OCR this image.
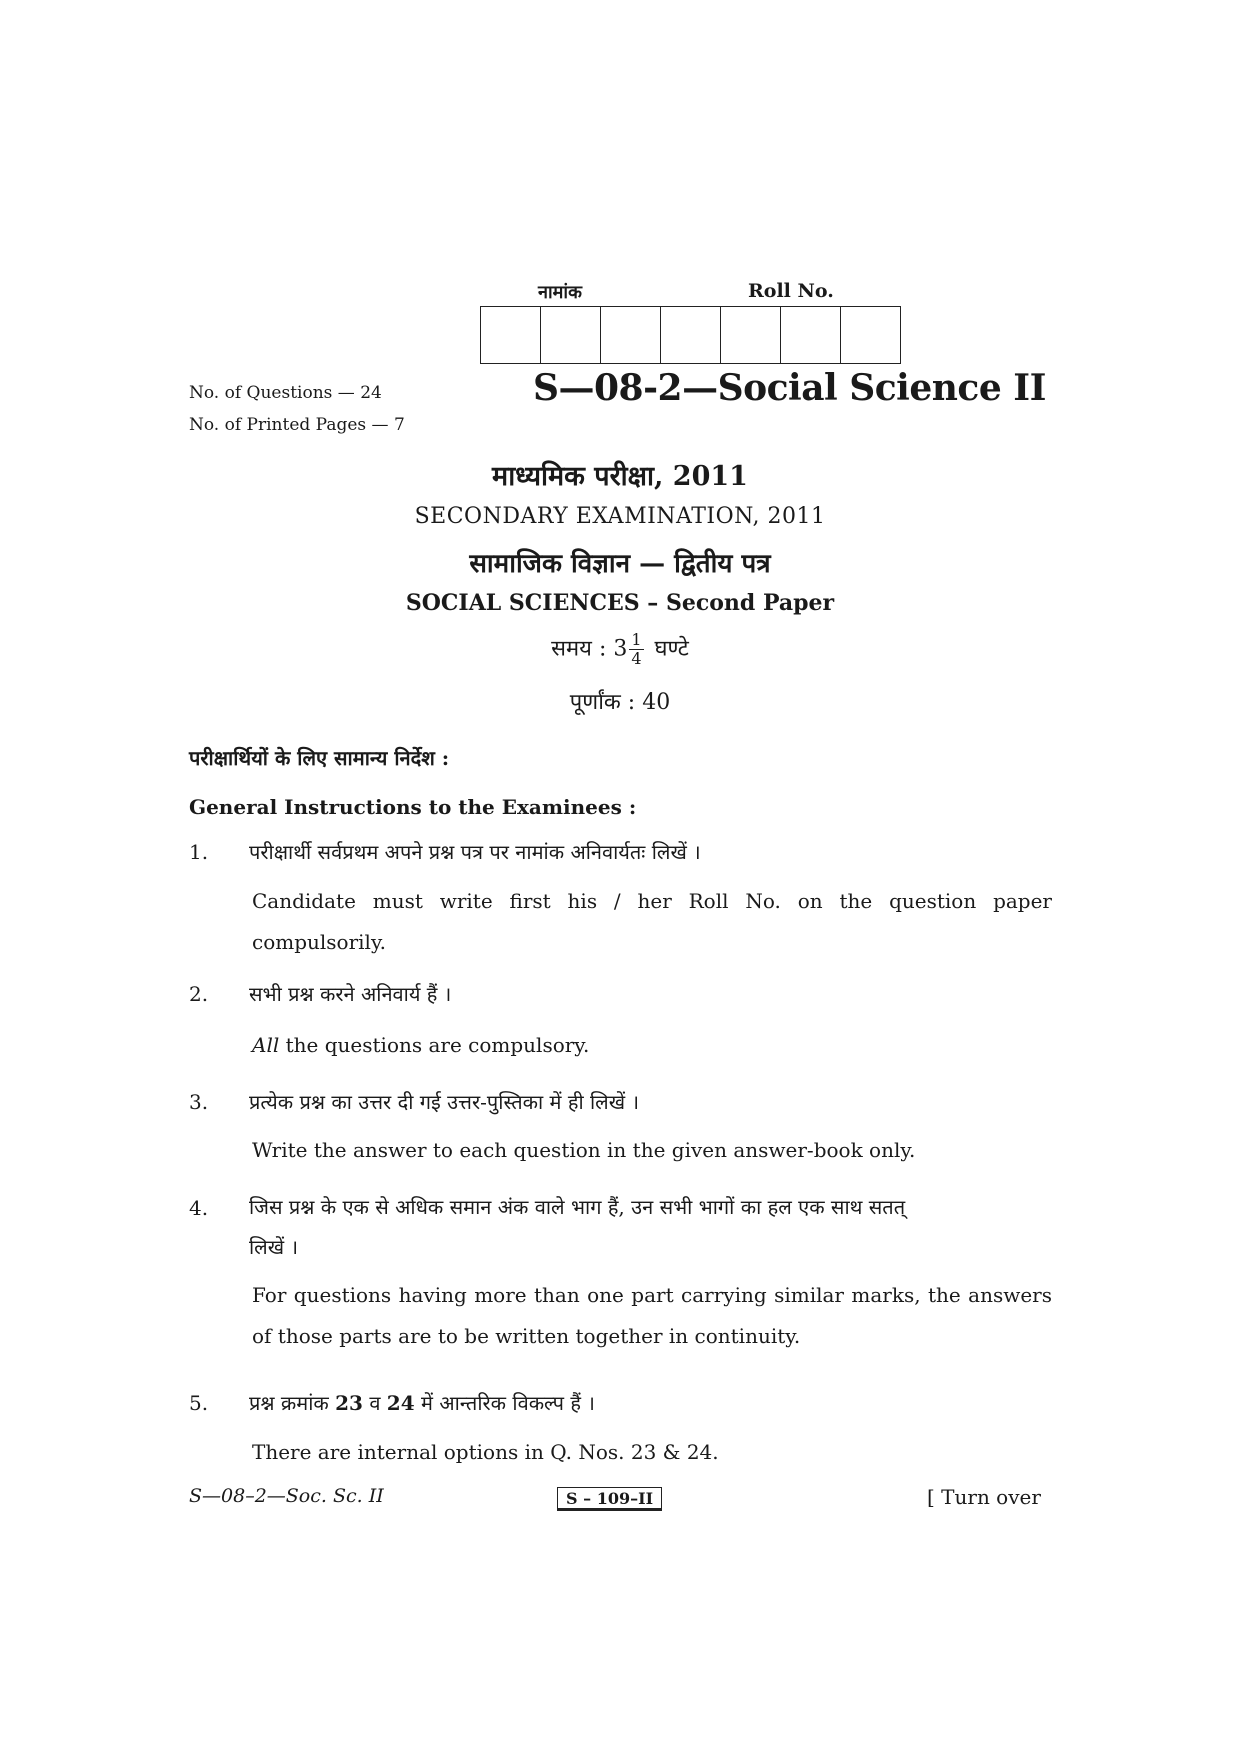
नामांक	Roll No.
No. of Questions — 24
No. of Printed Pages — 7
S—08-2—Social Science II
माध्यमिक परीक्षा, 2011
SECONDARY EXAMINATION, 2011
सामाजिक विज्ञान — द्वितीय पत्र
SOCIAL SCIENCES – Second Paper
समय : $3 \frac{1}{4}$ घण्टे
पूर्णांक : 40
परीक्षार्थियों के लिए सामान्य निर्देश :
General Instructions to the Examinees :
1. परीक्षार्थी सर्वप्रथम अपने प्रश्न पत्र पर नामांक अनिवार्यतः लिखें ।
Candidate must write first his / her Roll No. on the question paper compulsorily.
2. सभी प्रश्न करने अनिवार्य हैं ।
All the questions are compulsory.
3. प्रत्येक प्रश्न का उत्तर दी गई उत्तर-पुस्तिका में ही लिखें ।
Write the answer to each question in the given answer-book only.
4. जिस प्रश्न के एक से अधिक समान अंक वाले भाग हैं, उन सभी भागों का हल एक साथ सतत्
लिखें ।
For questions having more than one part carrying similar marks, the answers of those parts are to be written together in continuity.
5. प्रश्न क्रमांक 23 व 24 में आन्तरिक विकल्प हैं ।
There are internal options in Q. Nos. 23 & 24.
S—08–2—Soc. Sc. II	S – 109–II	[ Turn over
